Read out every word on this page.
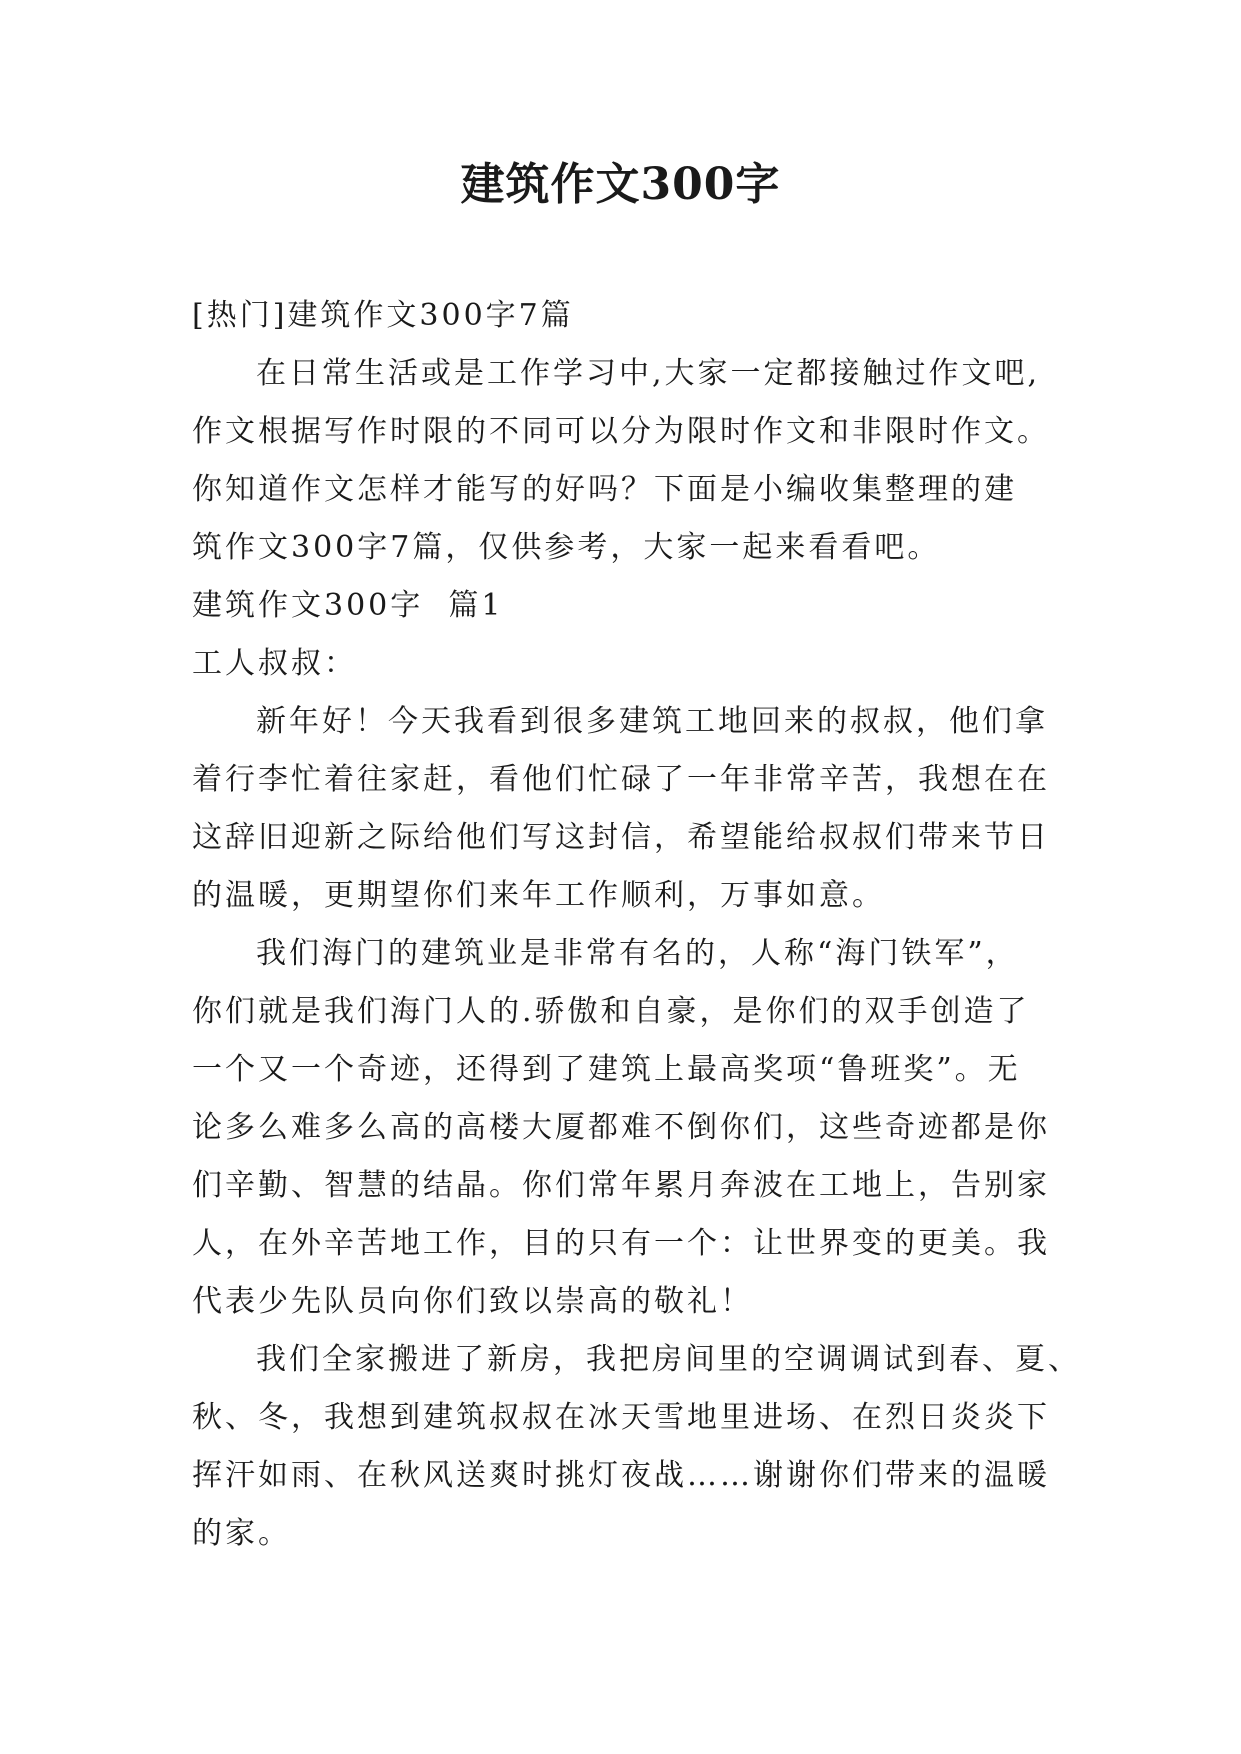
建筑作文300字
[热门]建筑作文300字7篇
在日常生活或是工作学习中,大家一定都接触过作文吧,
作文根据写作时限的不同可以分为限时作文和非限时作文。
你知道作文怎样才能写的好吗？下面是小编收集整理的建
筑作文300字7篇，仅供参考，大家一起来看看吧。
建筑作文300字  篇1
工人叔叔：
新年好！今天我看到很多建筑工地回来的叔叔，他们拿
着行李忙着往家赶，看他们忙碌了一年非常辛苦，我想在在
这辞旧迎新之际给他们写这封信，希望能给叔叔们带来节日
的温暖，更期望你们来年工作顺利，万事如意。
我们海门的建筑业是非常有名的，人称“海门铁军”，
你们就是我们海门人的.骄傲和自豪，是你们的双手创造了
一个又一个奇迹，还得到了建筑上最高奖项“鲁班奖”。无
论多么难多么高的高楼大厦都难不倒你们，这些奇迹都是你
们辛勤、智慧的结晶。你们常年累月奔波在工地上，告别家
人，在外辛苦地工作，目的只有一个：让世界变的更美。我
代表少先队员向你们致以崇高的敬礼！
我们全家搬进了新房，我把房间里的空调调试到春、夏、
秋、冬，我想到建筑叔叔在冰天雪地里进场、在烈日炎炎下
挥汗如雨、在秋风送爽时挑灯夜战……谢谢你们带来的温暖
的家。
